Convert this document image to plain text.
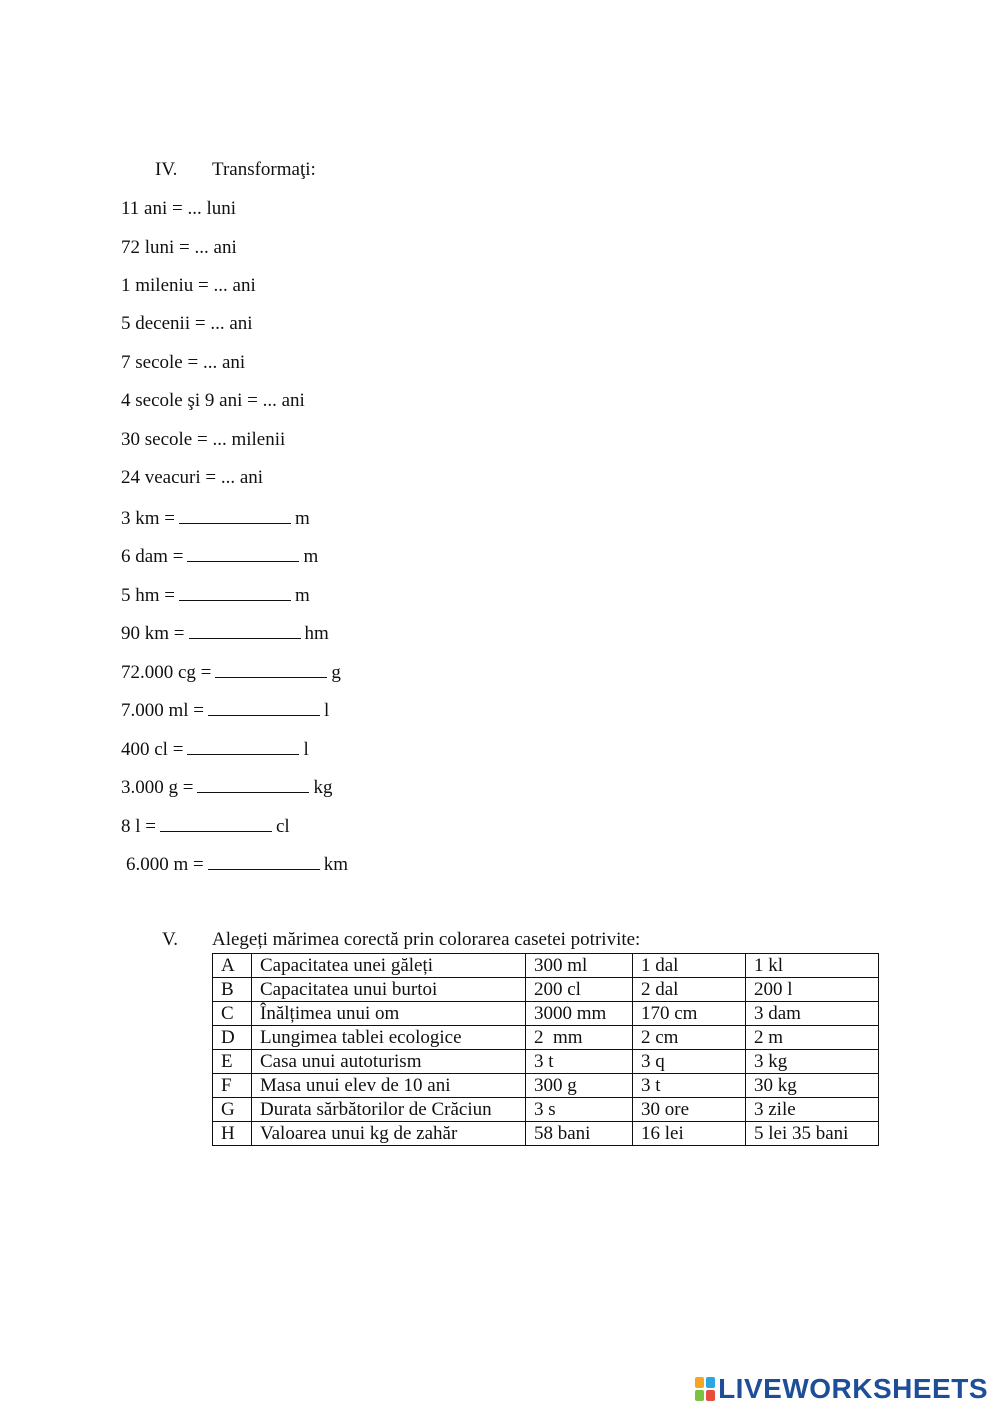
IV. Transformaţi:
11 ani = ... luni
72 luni = ... ani
1 mileniu = ... ani
5 decenii = ... ani
7 secole = ... ani
4 secole şi 9 ani = ... ani
30 secole = ... milenii
24 veacuri = ... ani
3 km =	m
6 dam =	m
5 hm =	m
90 km =	hm
72.000 cg =	g
7.000 ml =	l
400 cl =	l
3.000 g =	kg
8 l =	cl
6.000 m =	km
V. Alegeți mărimea corectă prin colorarea casetei potrivite:
A	Capacitatea unei găleți	300 ml	1 dal	1 kl
B	Capacitatea unui burtoi	200 cl	2 dal	200 l
C	Înălțimea unui om	3000 mm	170 cm	3 dam
D	Lungimea tablei ecologice	2  mm	2 cm	2 m
E	Casa unui autoturism	3 t	3 q	3 kg
F	Masa unui elev de 10 ani	300 g	3 t	30 kg
G	Durata sărbătorilor de Crăciun	3 s	30 ore	3 zile
H	Valoarea unui kg de zahăr	58 bani	16 lei	5 lei 35 bani
LIVEWORKSHEETS
